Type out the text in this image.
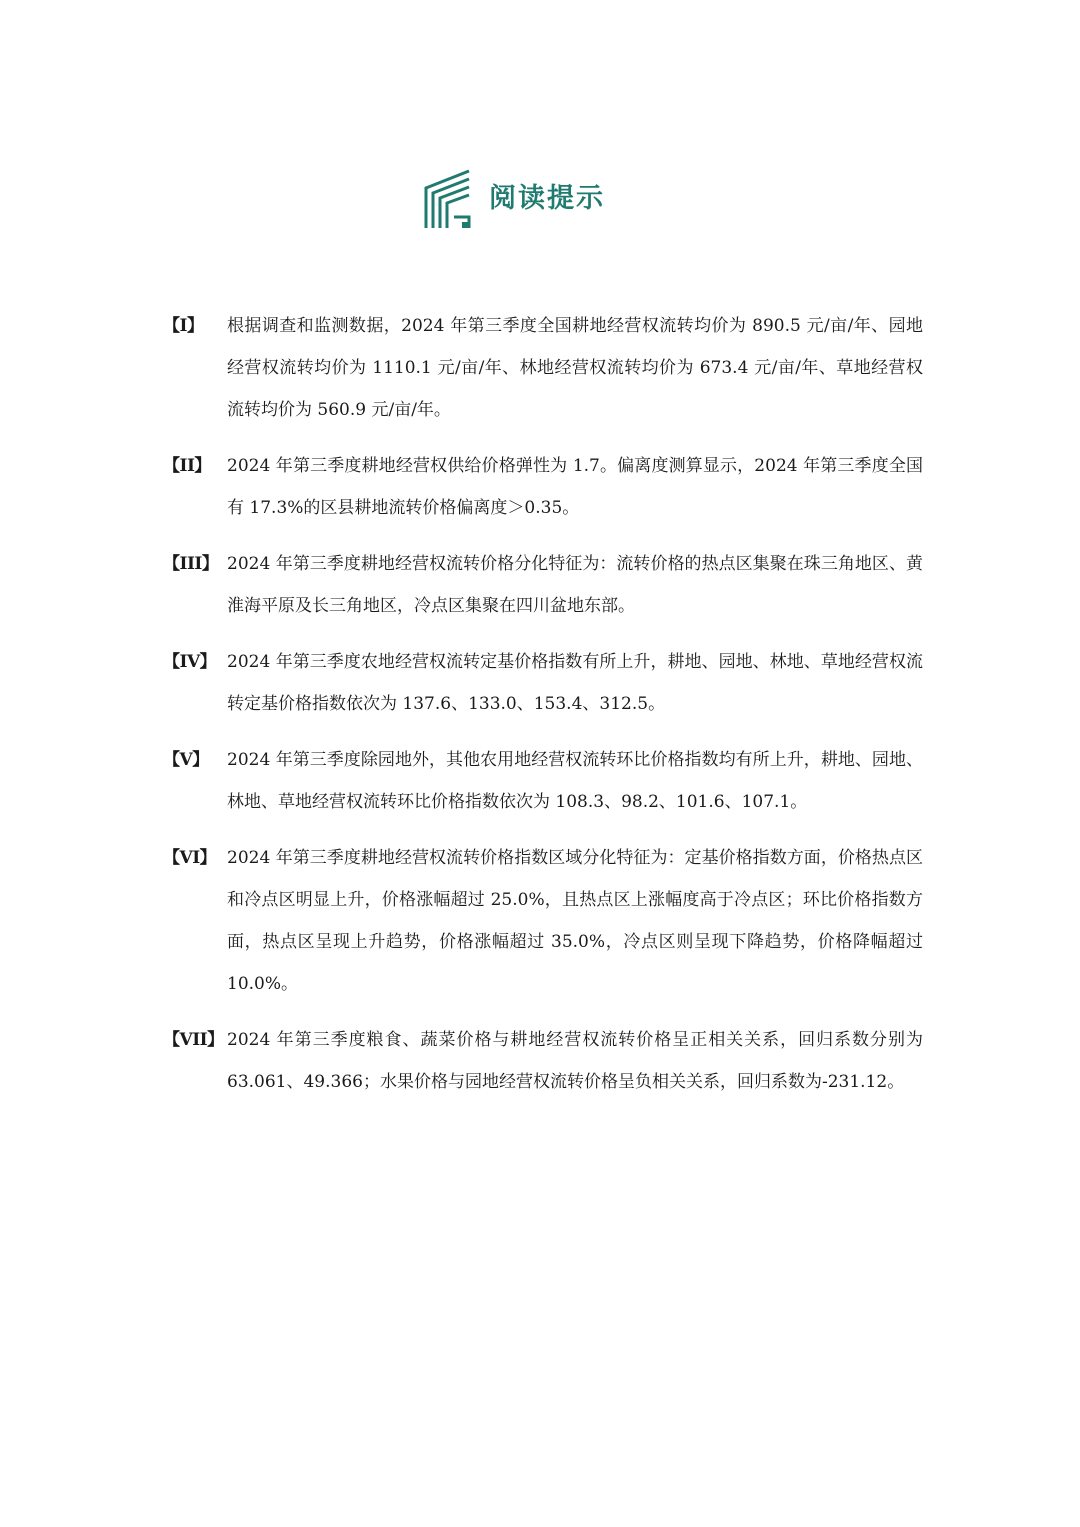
阅读提示
【I】	根据调查和监测数据，2024 年第三季度全国耕地经营权流转均价为 890.5 元/亩/年、园地经营权流转均价为 1110.1 元/亩/年、林地经营权流转均价为 673.4 元/亩/年、草地经营权流转均价为 560.9 元/亩/年。
【II】 2024 年第三季度耕地经营权供给价格弹性为 1.7。偏离度测算显示，2024 年第三季度全国有 17.3%的区县耕地流转价格偏离度＞0.35。
【III】 2024 年第三季度耕地经营权流转价格分化特征为：流转价格的热点区集聚在珠三角地区、黄淮海平原及长三角地区，冷点区集聚在四川盆地东部。
【IV】 2024 年第三季度农地经营权流转定基价格指数有所上升，耕地、园地、林地、草地经营权流转定基价格指数依次为 137.6、133.0、153.4、312.5。
【V】	2024 年第三季度除园地外，其他农用地经营权流转环比价格指数均有所上升，耕地、园地、林地、草地经营权流转环比价格指数依次为 108.3、98.2、101.6、107.1。
【VI】 2024 年第三季度耕地经营权流转价格指数区域分化特征为：定基价格指数方面，价格热点区和冷点区明显上升，价格涨幅超过 25.0%，且热点区上涨幅度高于冷点区；环比价格指数方面，热点区呈现上升趋势，价格涨幅超过 35.0%，冷点区则呈现下降趋势，价格降幅超过 10.0%。
【VII】 2024 年第三季度粮食、蔬菜价格与耕地经营权流转价格呈正相关关系，回归系数分别为 63.061、49.366；水果价格与园地经营权流转价格呈负相关关系，回归系数为-231.12。
